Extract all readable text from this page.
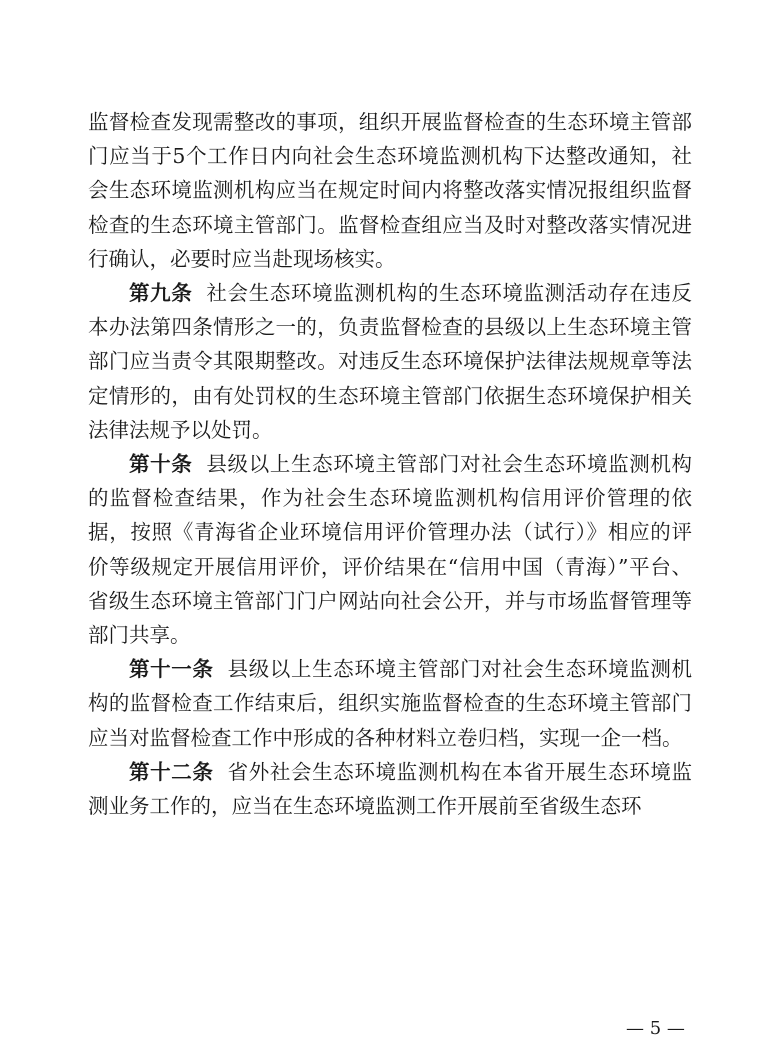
监督检查发现需整改的事项，组织开展监督检查的生态环境主管部门应当于5个工作日内向社会生态环境监测机构下达整改通知，社会生态环境监测机构应当在规定时间内将整改落实情况报组织监督检查的生态环境主管部门。监督检查组应当及时对整改落实情况进行确认，必要时应当赴现场核实。

第九条 社会生态环境监测机构的生态环境监测活动存在违反本办法第四条情形之一的，负责监督检查的县级以上生态环境主管部门应当责令其限期整改。对违反生态环境保护法律法规规章等法定情形的，由有处罚权的生态环境主管部门依据生态环境保护相关法律法规予以处罚。

第十条 县级以上生态环境主管部门对社会生态环境监测机构的监督检查结果，作为社会生态环境监测机构信用评价管理的依据，按照《青海省企业环境信用评价管理办法（试行）》相应的评价等级规定开展信用评价，评价结果在“信用中国（青海）”平台、省级生态环境主管部门门户网站向社会公开，并与市场监督管理等部门共享。

第十一条 县级以上生态环境主管部门对社会生态环境监测机构的监督检查工作结束后，组织实施监督检查的生态环境主管部门应当对监督检查工作中形成的各种材料立卷归档，实现一企一档。

第十二条 省外社会生态环境监测机构在本省开展生态环境监测业务工作的，应当在生态环境监测工作开展前至省级生态环

— 5 —
